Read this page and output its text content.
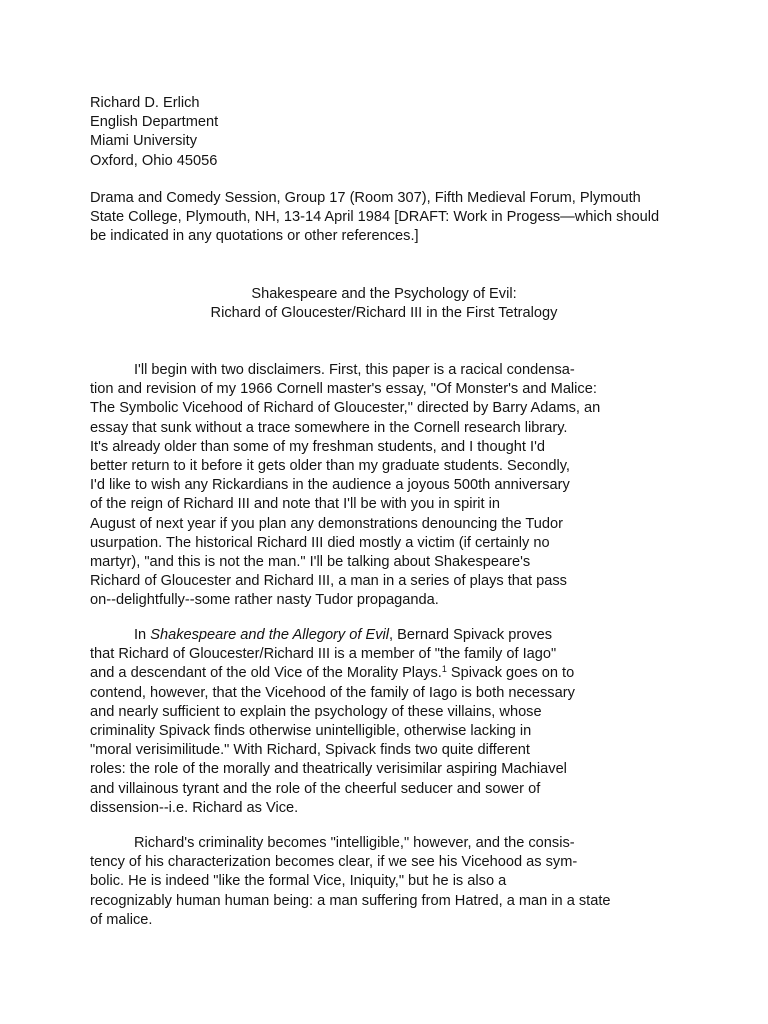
Richard D. Erlich
English Department
Miami University
Oxford, Ohio 45056
Drama and Comedy Session, Group 17 (Room 307), Fifth Medieval Forum, Plymouth
State College, Plymouth, NH, 13-14 April 1984 [DRAFT: Work in Progess—which should
be indicated in any quotations or other references.]
Shakespeare and the Psychology of Evil:
Richard of Gloucester/Richard III in the First Tetralogy
I'll begin with two disclaimers. First, this paper is a racical condensa-
tion and revision of my 1966 Cornell master's essay, "Of Monster's and Malice:
The Symbolic Vicehood of Richard of Gloucester," directed by Barry Adams, an
essay that sunk without a trace somewhere in the Cornell research library.
It's already older than some of my freshman students, and I thought I'd
better return to it before it gets older than my graduate students. Secondly,
I'd like to wish any Rickardians in the audience a joyous 500th anniversary
of the reign of Richard III and note that I'll be with you in spirit in
August of next year if you plan any demonstrations denouncing the Tudor
usurpation. The historical Richard III died mostly a victim (if certainly no
martyr), "and this is not the man." I'll be talking about Shakespeare's
Richard of Gloucester and Richard III, a man in a series of plays that pass
on--delightfully--some rather nasty Tudor propaganda.
In Shakespeare and the Allegory of Evil, Bernard Spivack proves
that Richard of Gloucester/Richard III is a member of "the family of Iago"
and a descendant of the old Vice of the Morality Plays.$^1$ Spivack goes on to
contend, however, that the Vicehood of the family of Iago is both necessary
and nearly sufficient to explain the psychology of these villains, whose
criminality Spivack finds otherwise unintelligible, otherwise lacking in
"moral verisimilitude." With Richard, Spivack finds two quite different
roles: the role of the morally and theatrically verisimilar aspiring Machiavel
and villainous tyrant and the role of the cheerful seducer and sower of
dissension--i.e. Richard as Vice.
Richard's criminality becomes "intelligible," however, and the consis-
tency of his characterization becomes clear, if we see his Vicehood as sym-
bolic. He is indeed "like the formal Vice, Iniquity," but he is also a
recognizably human human being: a man suffering from Hatred, a man in a state
of malice.
